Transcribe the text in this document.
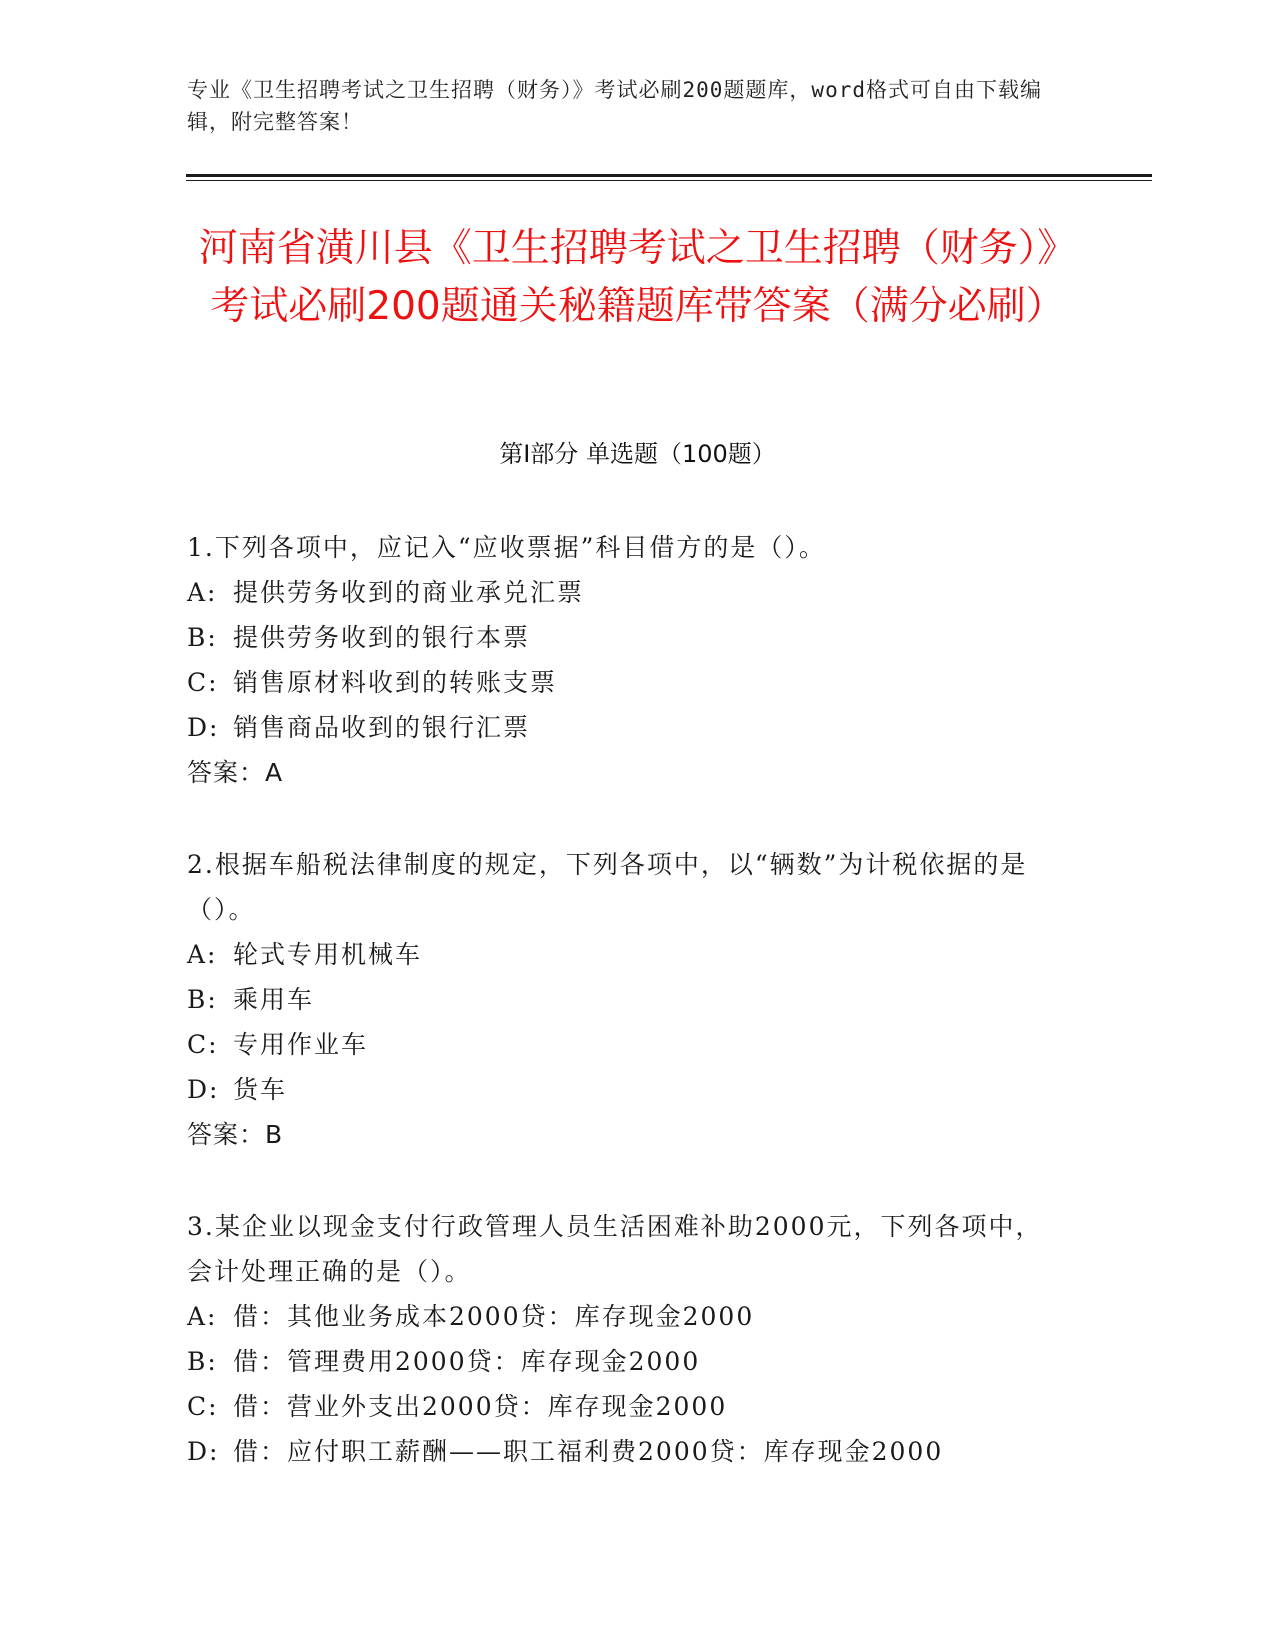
专业《卫生招聘考试之卫生招聘（财务）》考试必刷200题题库，word格式可自由下载编辑，附完整答案！
河南省潢川县《卫生招聘考试之卫生招聘（财务）》考试必刷200题通关秘籍题库带答案（满分必刷）
第I部分 单选题（100题）
1.下列各项中，应记入“应收票据”科目借方的是（）。
A: 提供劳务收到的商业承兑汇票
B: 提供劳务收到的银行本票
C: 销售原材料收到的转账支票
D: 销售商品收到的银行汇票
答案：A
2.根据车船税法律制度的规定，下列各项中，以“辆数”为计税依据的是（）。
A: 轮式专用机械车
B: 乘用车
C: 专用作业车
D: 货车
答案：B
3.某企业以现金支付行政管理人员生活困难补助2000元，下列各项中，会计处理正确的是（）。
A: 借：其他业务成本2000贷：库存现金2000
B: 借：管理费用2000贷：库存现金2000
C: 借：营业外支出2000贷：库存现金2000
D: 借：应付职工薪酬——职工福利费2000贷：库存现金2000
